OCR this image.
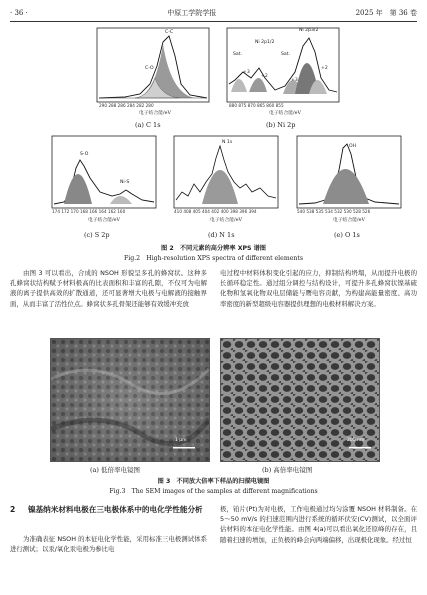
· 36 ·	中原工学院学报	2025 年　第 36 卷
C-C
C-O
290 288 286 284 282 280
电子结合能/eV
(a) C 1s
Ni 2p1/2
Ni 2p3/2
Sat.	Sat.
+3
+2
+3
+2
880 875 870 865 860 855
电子结合能/eV
(b) Ni 2p
S-O
Ni-S
174 172 170 168 166 164 162 160
电子结合能/eV
(c) S 2p
N 1s
410 408 405 404 402 400 398 396 394
电子结合能/eV
(d) N 1s
OH
540 538 535 534 532 530 528 526
电子结合能/eV
(e) O 1s
图 2　不同元素的高分辨率 XPS 谱图
Fig.2　High-resolution XPS spectra of different elements
由图 3 可以看出，合成的 NSOH 形貌呈多孔的蜂窝状。这种多孔蜂窝状结构赋予材料极高的比表面积和丰富的孔隙，不仅可为电解液的离子提供高效的扩散通道，还可显著增大电极与电解液的接触界面，从而丰富了活性位点。蜂窝状多孔骨架还能够有效缓冲充放
电过程中材料体积变化引起的应力，抑制结构坍塌，从而提升电极的长循环稳定性。通过组分调控与结构设计，可提升多孔蜂窝状镍基硫化物和氢氧化物双电层储能与赝电容贡献，为构建高能量密度、高功率密度的新型超级电容器提供理想的电极材料解决方案。
1 μm	200 nm
(a) 低倍率电镜图	(b) 高倍率电镜图
图 3　不同放大倍率下样品的扫描电镜图
Fig.3　The SEM images of the samples at different magnifications
2	镍基纳米材料电极在三电极体系中的电化学性能分析
为准确表征 NSOH 的本征电化学性能，采用标准三电极测试体系进行测试；以汞/氧化汞电极为参比电
极，铂片(Pt)为对电极，工作电极通过均匀涂覆 NSOH 材料制备。在 5～50 mV/s 的扫速范围内进行系统的循环伏安(CV)测试，以全面评估材料的本征电化学性能。由图 4(a)可以看出氧化还原峰的存在，且随着扫速的增加，正负极的峰会向两端偏移，出现极化现象。经过恒
